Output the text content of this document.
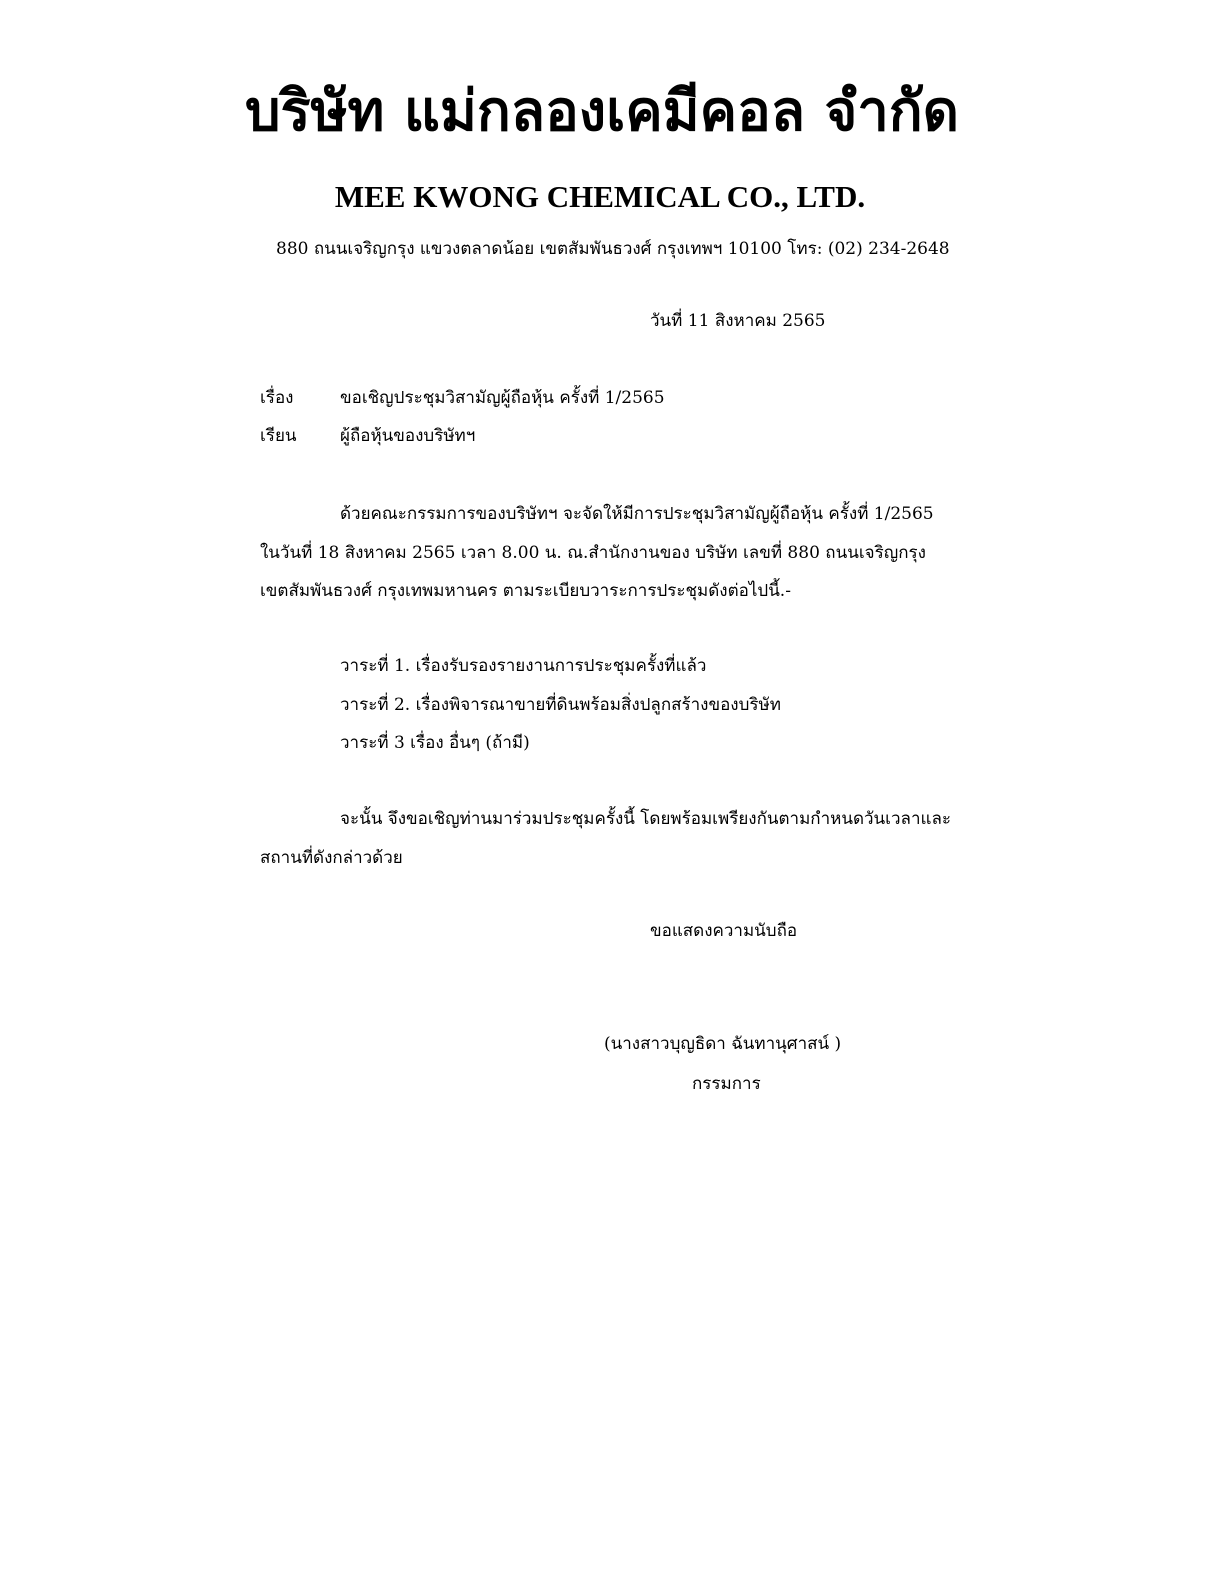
บริษัท แม่กลองเคมีคอล จำกัด
MEE KWONG CHEMICAL CO., LTD.
880 ถนนเจริญกรุง แขวงตลาดน้อย เขตสัมพันธวงศ์ กรุงเทพฯ 10100 โทร: (02) 234-2648
วันที่ 11 สิงหาคม 2565
เรื่อง	ขอเชิญประชุมวิสามัญผู้ถือหุ้น ครั้งที่ 1/2565
เรียน	ผู้ถือหุ้นของบริษัทฯ
ด้วยคณะกรรมการของบริษัทฯ จะจัดให้มีการประชุมวิสามัญผู้ถือหุ้น ครั้งที่ 1/2565
ในวันที่ 18 สิงหาคม 2565 เวลา 8.00 น. ณ.สำนักงานของ บริษัท เลขที่ 880 ถนนเจริญกรุง
เขตสัมพันธวงศ์ กรุงเทพมหานคร ตามระเบียบวาระการประชุมดังต่อไปนี้.-
วาระที่ 1. เรื่องรับรองรายงานการประชุมครั้งที่แล้ว
วาระที่ 2. เรื่องพิจารณาขายที่ดินพร้อมสิ่งปลูกสร้างของบริษัท
วาระที่ 3 เรื่อง อื่นๆ (ถ้ามี)
จะนั้น จึงขอเชิญท่านมาร่วมประชุมครั้งนี้ โดยพร้อมเพรียงกันตามกำหนดวันเวลาและ
สถานที่ดังกล่าวด้วย
ขอแสดงความนับถือ
(นางสาวบุญธิดา ฉันทานุศาสน์ )
กรรมการ
